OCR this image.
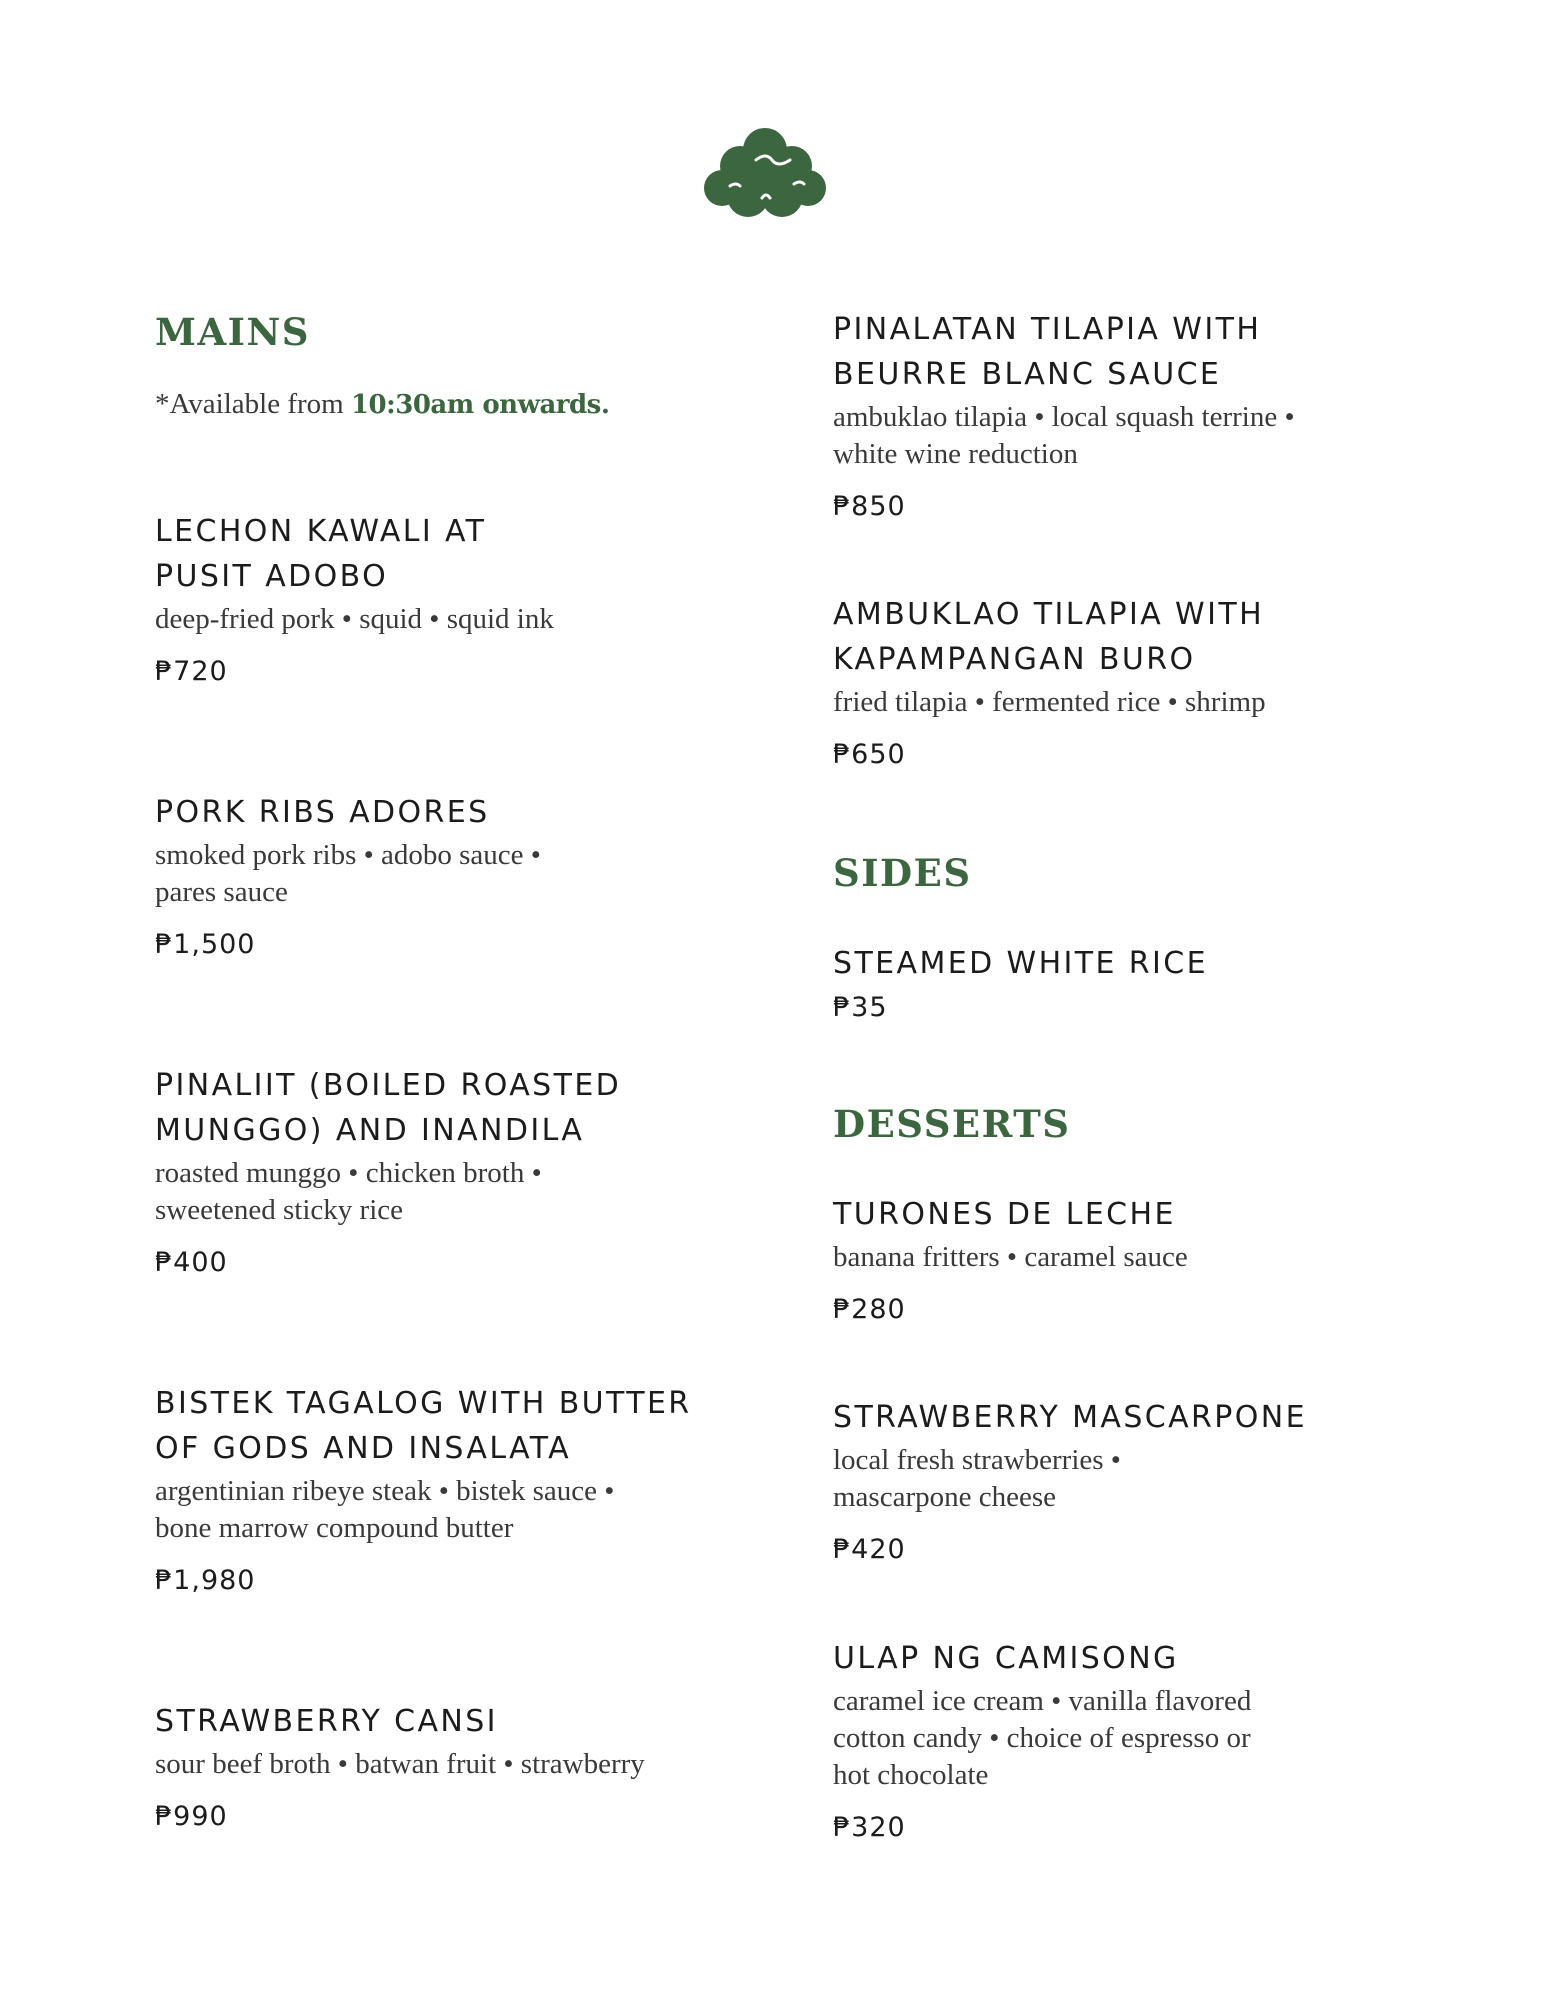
MAINS
*Available from 10:30am onwards.
LECHON KAWALI AT
PUSIT ADOBO
deep-fried pork • squid • squid ink
₱720
PORK RIBS ADORES
smoked pork ribs • adobo sauce •
pares sauce
₱1,500
PINALIIT (BOILED ROASTED
MUNGGO) AND INANDILA
roasted munggo • chicken broth •
sweetened sticky rice
₱400
BISTEK TAGALOG WITH BUTTER
OF GODS AND INSALATA
argentinian ribeye steak • bistek sauce •
bone marrow compound butter
₱1,980
STRAWBERRY CANSI
sour beef broth • batwan fruit • strawberry
₱990
PINALATAN TILAPIA WITH
BEURRE BLANC SAUCE
ambuklao tilapia • local squash terrine •
white wine reduction
₱850
AMBUKLAO TILAPIA WITH
KAPAMPANGAN BURO
fried tilapia • fermented rice • shrimp
₱650
SIDES
STEAMED WHITE RICE
₱35
DESSERTS
TURONES DE LECHE
banana fritters • caramel sauce
₱280
STRAWBERRY MASCARPONE
local fresh strawberries •
mascarpone cheese
₱420
ULAP NG CAMISONG
caramel ice cream • vanilla flavored
cotton candy • choice of espresso or
hot chocolate
₱320
